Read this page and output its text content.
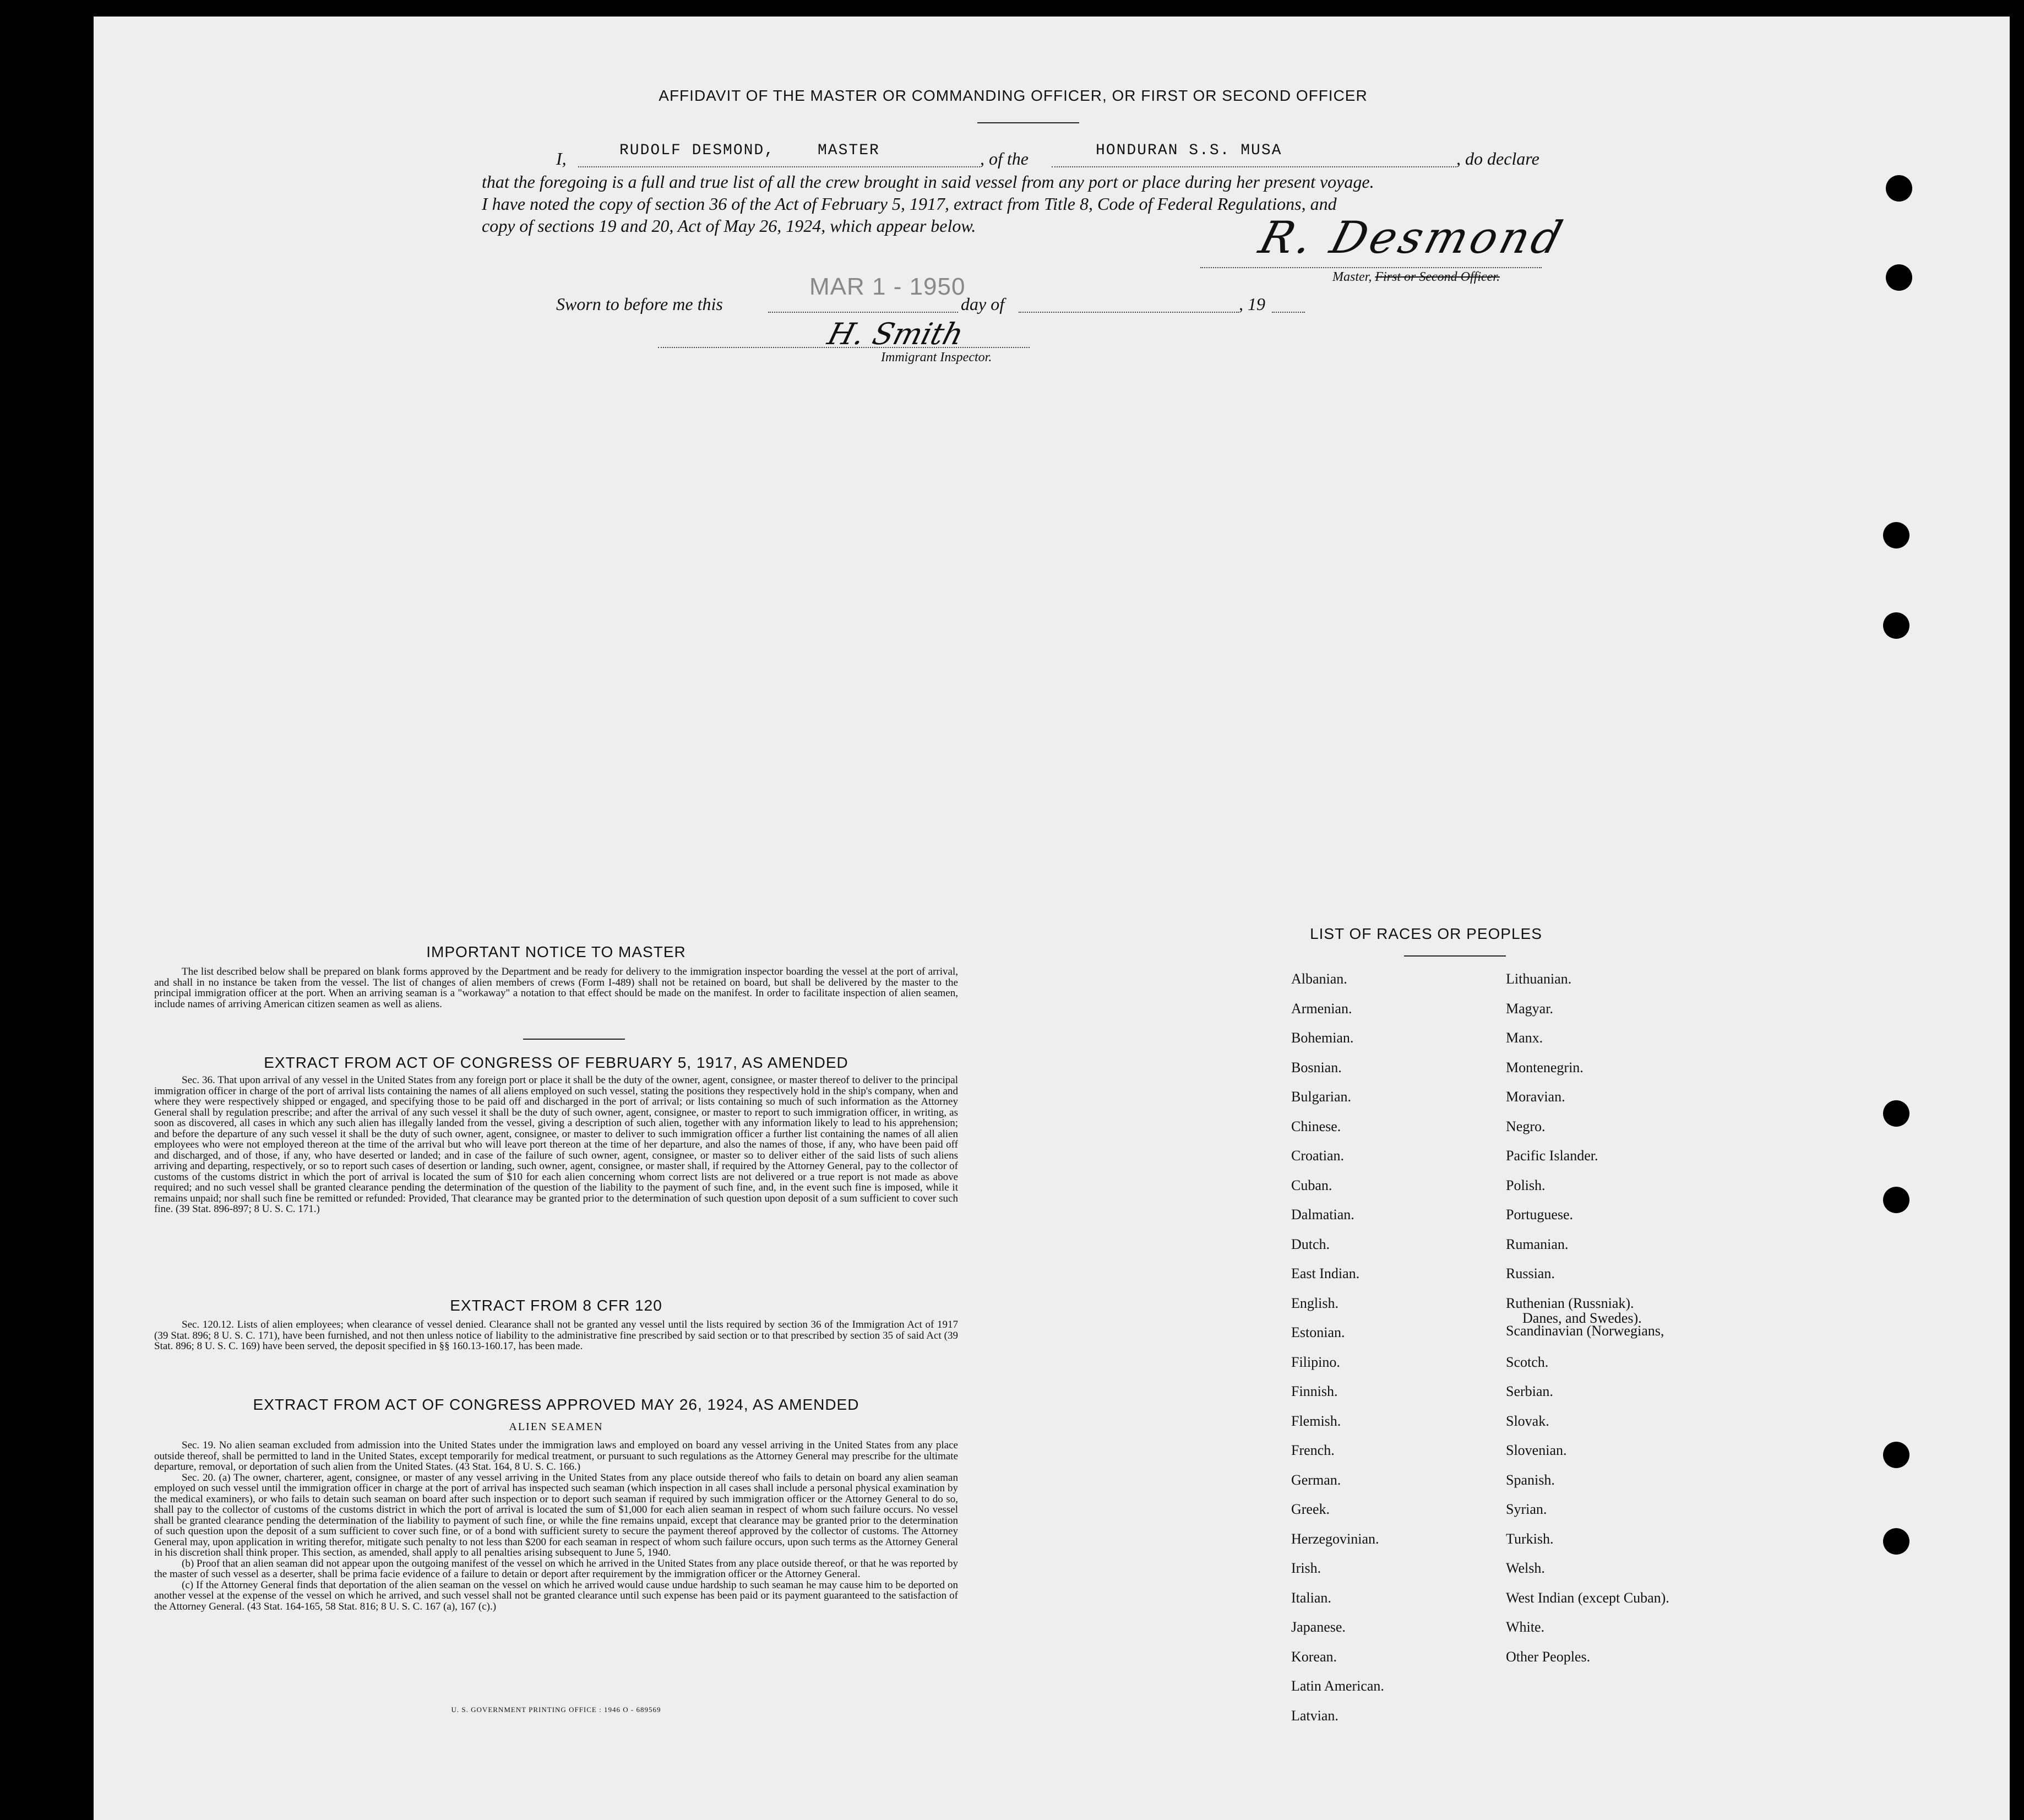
AFFIDAVIT OF THE MASTER OR COMMANDING OFFICER, OR FIRST OR SECOND OFFICER
I,	RUDOLF DESMOND,	MASTER	, of the	HONDURAN S.S. MUSA	, do declare
that the foregoing is a full and true list of all the crew brought in said vessel from any port or place during her present voyage.
I have noted the copy of section 36 of the Act of February 5, 1917, extract from Title 8, Code of Federal Regulations, and
copy of sections 19 and 20, Act of May 26, 1924, which appear below.	R. Desmond
Master, First or Second Officer.
Sworn to before me this
MAR 1 - 1950
day of	, 19
H. Smith
Immigrant Inspector.
IMPORTANT NOTICE TO MASTER

The list described below shall be prepared on blank forms approved by the Department and be ready for delivery to the immigration inspector boarding the vessel at the port of arrival, and shall in no instance be taken from the vessel. The list of changes of alien members of crews (Form I-489) shall not be retained on board, but shall be delivered by the master to the principal immigration officer at the port. When an arriving seaman is a "workaway" a notation to that effect should be made on the manifest. In order to facilitate inspection of alien seamen, include names of arriving American citizen seamen as well as aliens.

EXTRACT FROM ACT OF CONGRESS OF FEBRUARY 5, 1917, AS AMENDED

Sec. 36. That upon arrival of any vessel in the United States from any foreign port or place it shall be the duty of the owner, agent, consignee, or master thereof to deliver to the principal immigration officer in charge of the port of arrival lists containing the names of all aliens employed on such vessel, stating the positions they respectively hold in the ship's company, when and where they were respectively shipped or engaged, and specifying those to be paid off and discharged in the port of arrival; or lists containing so much of such information as the Attorney General shall by regulation prescribe; and after the arrival of any such vessel it shall be the duty of such owner, agent, consignee, or master to report to such immigration officer, in writing, as soon as discovered, all cases in which any such alien has illegally landed from the vessel, giving a description of such alien, together with any information likely to lead to his apprehension; and before the departure of any such vessel it shall be the duty of such owner, agent, consignee, or master to deliver to such immigration officer a further list containing the names of all alien employees who were not employed thereon at the time of the arrival but who will leave port thereon at the time of her departure, and also the names of those, if any, who have been paid off and discharged, and of those, if any, who have deserted or landed; and in case of the failure of such owner, agent, consignee, or master so to deliver either of the said lists of such aliens arriving and departing, respectively, or so to report such cases of desertion or landing, such owner, agent, consignee, or master shall, if required by the Attorney General, pay to the collector of customs of the customs district in which the port of arrival is located the sum of $10 for each alien concerning whom correct lists are not delivered or a true report is not made as above required; and no such vessel shall be granted clearance pending the determination of the question of the liability to the payment of such fine, and, in the event such fine is imposed, while it remains unpaid; nor shall such fine be remitted or refunded: Provided, That clearance may be granted prior to the determination of such question upon deposit of a sum sufficient to cover such fine. (39 Stat. 896-897; 8 U. S. C. 171.)

EXTRACT FROM 8 CFR 120

Sec. 120.12. Lists of alien employees; when clearance of vessel denied. Clearance shall not be granted any vessel until the lists required by section 36 of the Immigration Act of 1917 (39 Stat. 896; 8 U. S. C. 171), have been furnished, and not then unless notice of liability to the administrative fine prescribed by said section or to that prescribed by section 35 of said Act (39 Stat. 896; 8 U. S. C. 169) have been served, the deposit specified in §§ 160.13-160.17, has been made.

EXTRACT FROM ACT OF CONGRESS APPROVED MAY 26, 1924, AS AMENDED
ALIEN SEAMEN

Sec. 19. No alien seaman excluded from admission into the United States under the immigration laws and employed on board any vessel arriving in the United States from any place outside thereof, shall be permitted to land in the United States, except temporarily for medical treatment, or pursuant to such regulations as the Attorney General may prescribe for the ultimate departure, removal, or deportation of such alien from the United States. (43 Stat. 164, 8 U. S. C. 166.)

Sec. 20. (a) The owner, charterer, agent, consignee, or master of any vessel arriving in the United States from any place outside thereof who fails to detain on board any alien seaman employed on such vessel until the immigration officer in charge at the port of arrival has inspected such seaman (which inspection in all cases shall include a personal physical examination by the medical examiners), or who fails to detain such seaman on board after such inspection or to deport such seaman if required by such immigration officer or the Attorney General to do so, shall pay to the collector of customs of the customs district in which the port of arrival is located the sum of $1,000 for each alien seaman in respect of whom such failure occurs. No vessel shall be granted clearance pending the determination of the liability to payment of such fine, or while the fine remains unpaid, except that clearance may be granted prior to the determination of such question upon the deposit of a sum sufficient to cover such fine, or of a bond with sufficient surety to secure the payment thereof approved by the collector of customs. The Attorney General may, upon application in writing therefor, mitigate such penalty to not less than $200 for each seaman in respect of whom such failure occurs, upon such terms as the Attorney General in his discretion shall think proper. This section, as amended, shall apply to all penalties arising subsequent to June 5, 1940.

(b) Proof that an alien seaman did not appear upon the outgoing manifest of the vessel on which he arrived in the United States from any place outside thereof, or that he was reported by the master of such vessel as a deserter, shall be prima facie evidence of a failure to detain or deport after requirement by the immigration officer or the Attorney General.

(c) If the Attorney General finds that deportation of the alien seaman on the vessel on which he arrived would cause undue hardship to such seaman he may cause him to be deported on another vessel at the expense of the vessel on which he arrived, and such vessel shall not be granted clearance until such expense has been paid or its payment guaranteed to the satisfaction of the Attorney General. (43 Stat. 164-165, 58 Stat. 816; 8 U. S. C. 167 (a), 167 (c).)

U. S. GOVERNMENT PRINTING OFFICE : 1946 O - 689569
LIST OF RACES OR PEOPLES
Albanian.
Armenian.
Bohemian.
Bosnian.
Bulgarian.
Chinese.
Croatian.
Cuban.
Dalmatian.
Dutch.
East Indian.
English.
Estonian.
Filipino.
Finnish.
Flemish.
French.
German.
Greek.
Herzegovinian.
Irish.
Italian.
Japanese.
Korean.
Latin American.
Latvian.
Lithuanian.
Magyar.
Manx.
Montenegrin.
Moravian.
Negro.
Pacific Islander.
Polish.
Portuguese.
Rumanian.
Russian.
Ruthenian (Russniak).
Scandinavian (Norwegians,
Danes, and Swedes).
Scotch.
Serbian.
Slovak.
Slovenian.
Spanish.
Syrian.
Turkish.
Welsh.
West Indian (except Cuban).
White.
Other Peoples.
